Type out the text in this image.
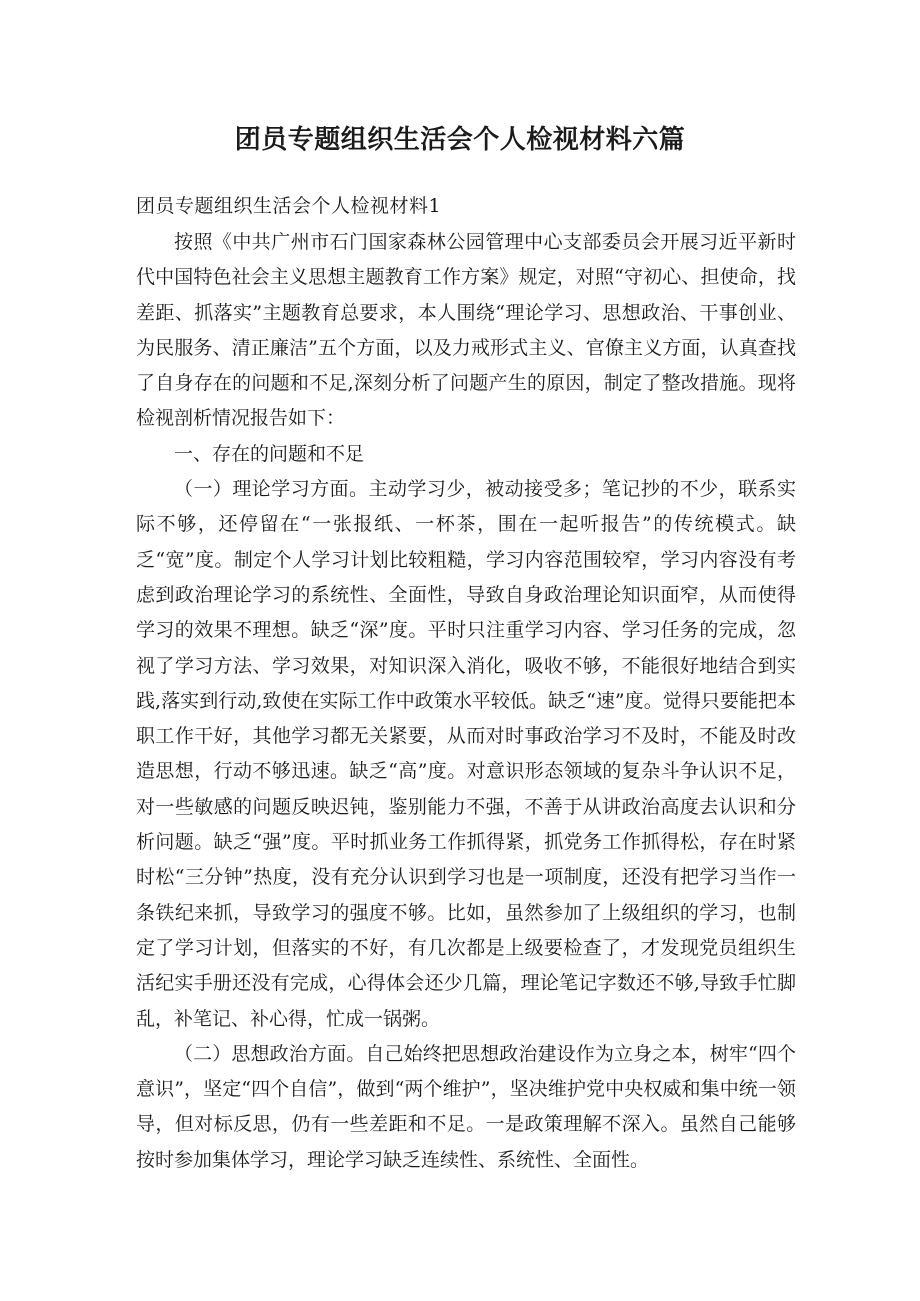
团员专题组织生活会个人检视材料六篇
团员专题组织生活会个人检视材料1

按照《中共广州市石门国家森林公园管理中心支部委员会开展习近平新时代中国特色社会主义思想主题教育工作方案》规定，对照“守初心、担使命，找差距、抓落实”主题教育总要求，本人围绕“理论学习、思想政治、干事创业、为民服务、清正廉洁”五个方面，以及力戒形式主义、官僚主义方面，认真查找了自身存在的问题和不足,深刻分析了问题产生的原因，制定了整改措施。现将检视剖析情况报告如下：

一、存在的问题和不足

（一）理论学习方面。主动学习少，被动接受多；笔记抄的不少，联系实际不够，还停留在“一张报纸、一杯茶，围在一起听报告”的传统模式。缺乏“宽”度。制定个人学习计划比较粗糙，学习内容范围较窄，学习内容没有考虑到政治理论学习的系统性、全面性，导致自身政治理论知识面窄，从而使得学习的效果不理想。缺乏“深”度。平时只注重学习内容、学习任务的完成，忽视了学习方法、学习效果，对知识深入消化，吸收不够，不能很好地结合到实践,落实到行动,致使在实际工作中政策水平较低。缺乏“速”度。觉得只要能把本职工作干好，其他学习都无关紧要，从而对时事政治学习不及时，不能及时改造思想，行动不够迅速。缺乏“高”度。对意识形态领域的复杂斗争认识不足，对一些敏感的问题反映迟钝，鉴别能力不强，不善于从讲政治高度去认识和分析问题。缺乏“强”度。平时抓业务工作抓得紧，抓党务工作抓得松，存在时紧时松“三分钟”热度，没有充分认识到学习也是一项制度，还没有把学习当作一条铁纪来抓，导致学习的强度不够。比如，虽然参加了上级组织的学习，也制定了学习计划，但落实的不好，有几次都是上级要检查了，才发现党员组织生活纪实手册还没有完成，心得体会还少几篇，理论笔记字数还不够,导致手忙脚乱，补笔记、补心得，忙成一锅粥。

（二）思想政治方面。自己始终把思想政治建设作为立身之本，树牢“四个意识”，坚定“四个自信”，做到“两个维护”，坚决维护党中央权威和集中统一领导，但对标反思，仍有一些差距和不足。一是政策理解不深入。虽然自己能够按时参加集体学习，理论学习缺乏连续性、系统性、全面性。
